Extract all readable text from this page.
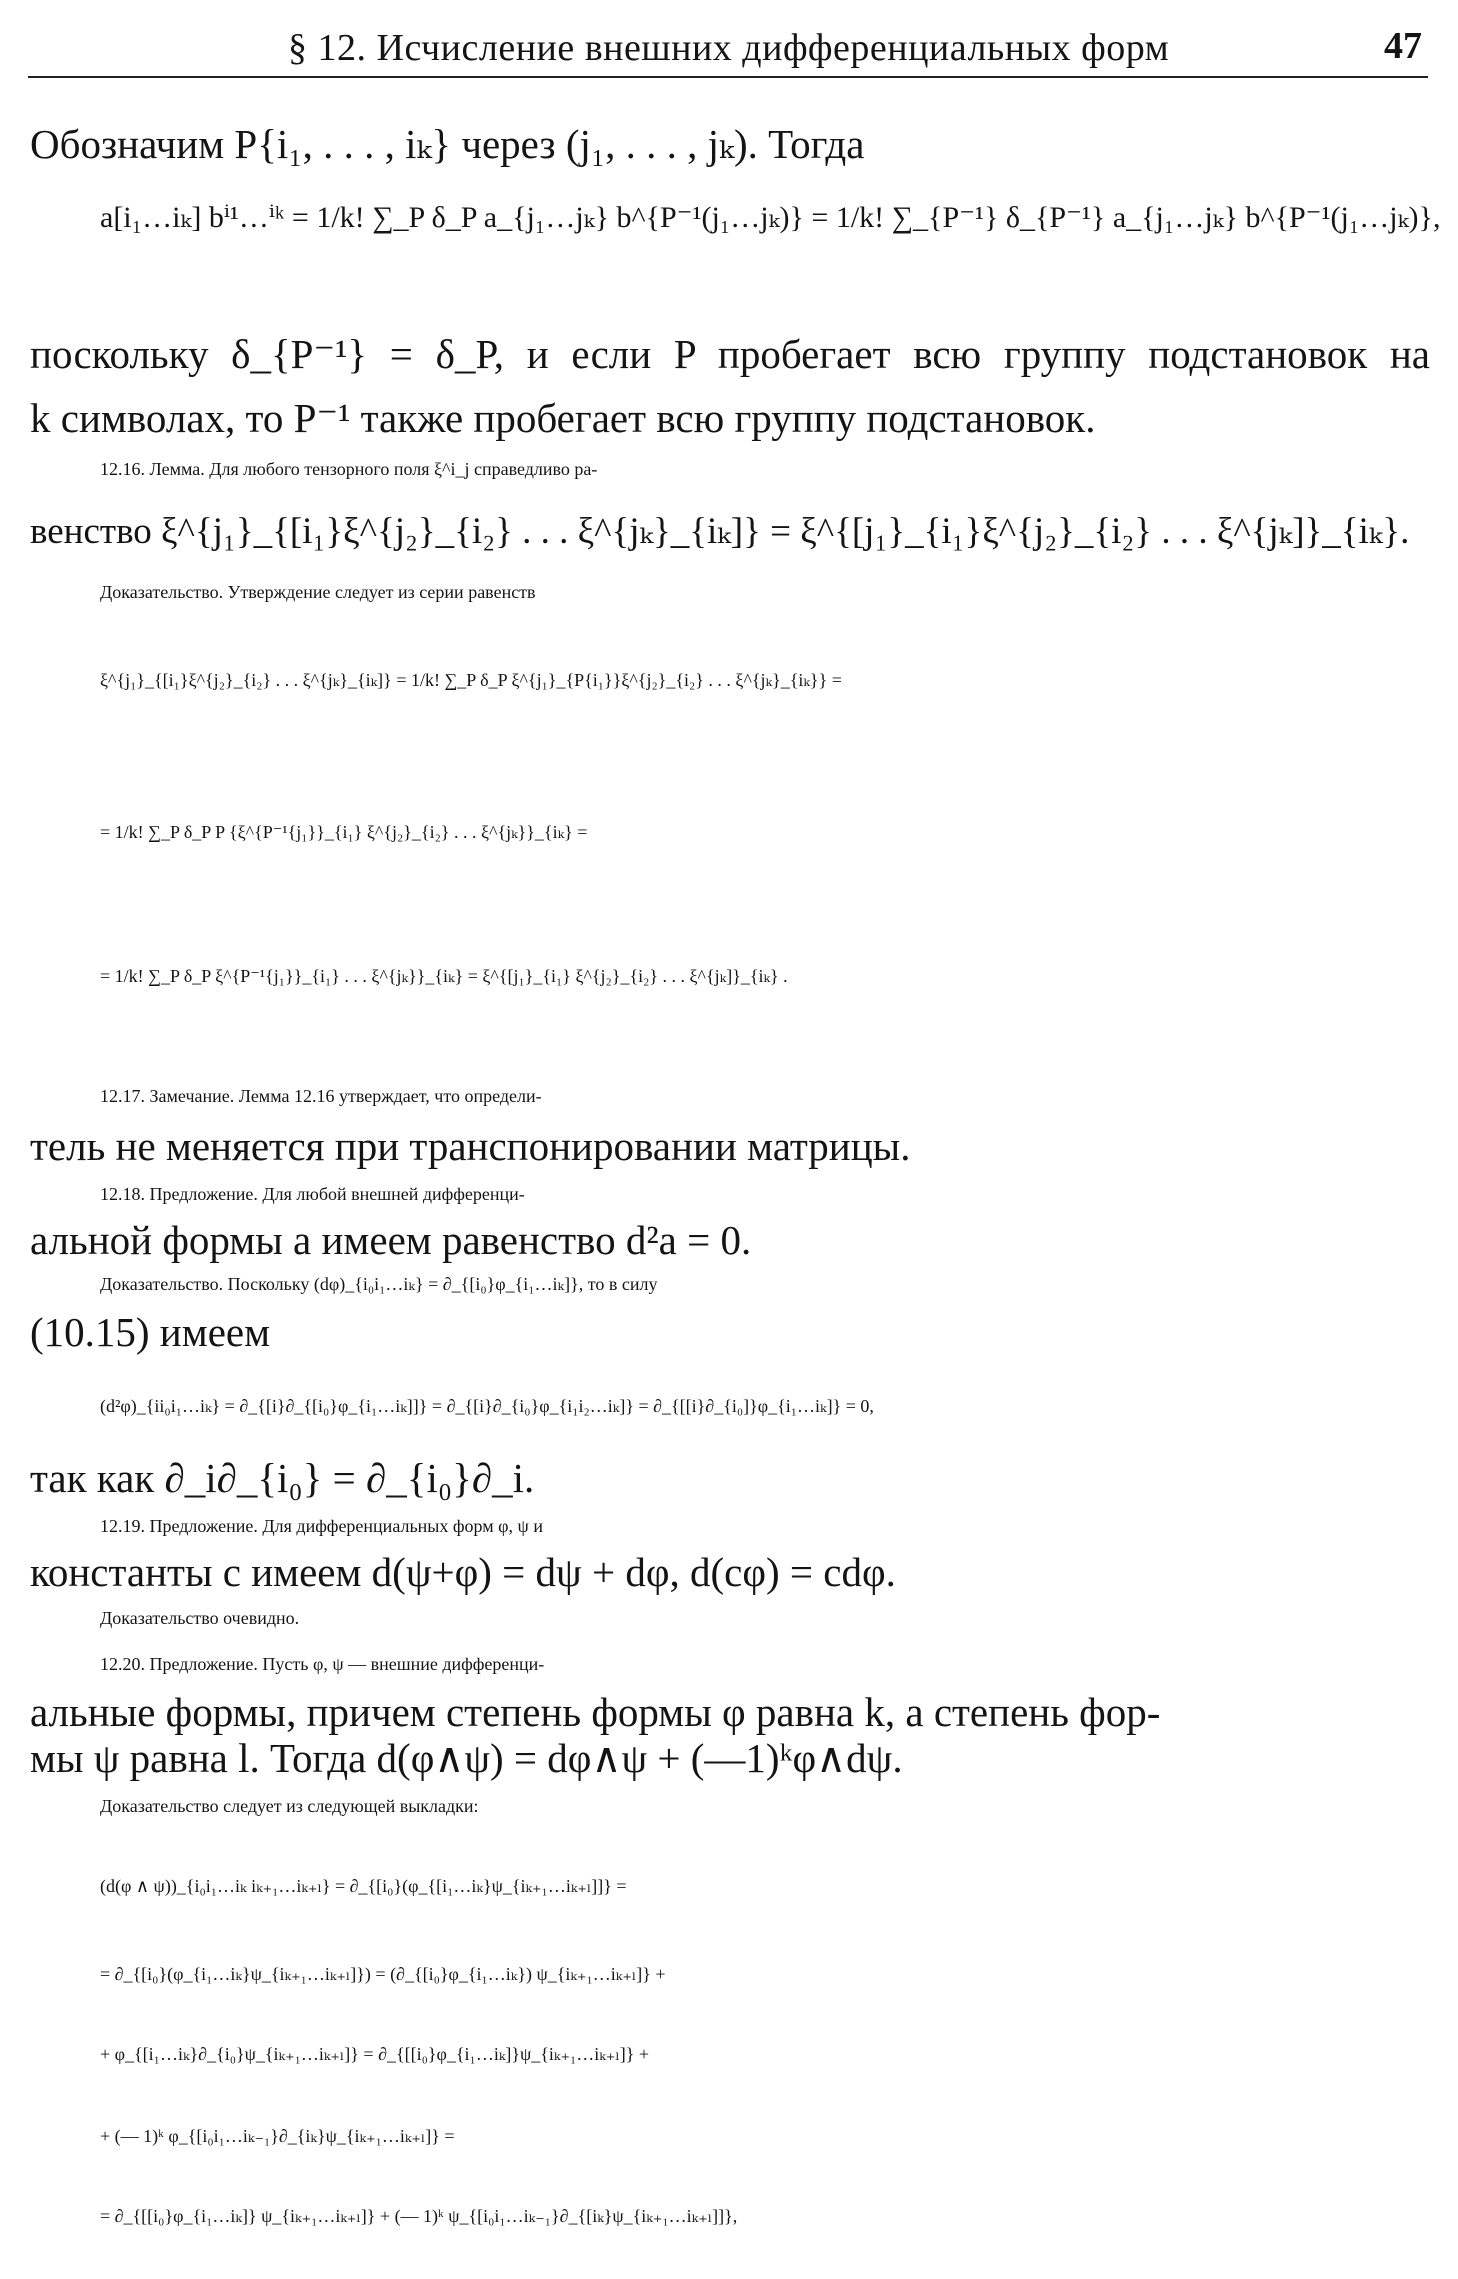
§ 12. Исчисление внешних дифференциальных форм	47
Обозначим P{i₁, . . . , iₖ} через (j₁, . . . , jₖ). Тогда
a[i₁…iₖ] bⁱ¹…ⁱᵏ = 1/k! ∑_P δ_P a_{j₁…jₖ} b^{P⁻¹(j₁…jₖ)} = 1/k! ∑_{P⁻¹} δ_{P⁻¹} a_{j₁…jₖ} b^{P⁻¹(j₁…jₖ)},
поскольку δ_{P⁻¹} = δ_P, и если P пробегает всю группу подстановок на
k символах, то P⁻¹ также пробегает всю группу подстановок.
12.16. Лемма. Для любого тензорного поля ξ^i_j справедливо ра-
венство ξ^{j₁}_{[i₁}ξ^{j₂}_{i₂} . . . ξ^{jₖ}_{iₖ]} = ξ^{[j₁}_{i₁}ξ^{j₂}_{i₂} . . . ξ^{jₖ]}_{iₖ}.
Доказательство. Утверждение следует из серии равенств
ξ^{j₁}_{[i₁}ξ^{j₂}_{i₂} . . . ξ^{jₖ}_{iₖ]} = 1/k! ∑_P δ_P ξ^{j₁}_{P{i₁}}ξ^{j₂}_{i₂} . . . ξ^{jₖ}_{iₖ}} =
= 1/k! ∑_P δ_P P {ξ^{P⁻¹{j₁}}_{i₁} ξ^{j₂}_{i₂} . . . ξ^{jₖ}}_{iₖ} =
= 1/k! ∑_P δ_P ξ^{P⁻¹{j₁}}_{i₁} . . . ξ^{jₖ}}_{iₖ} = ξ^{[j₁}_{i₁} ξ^{j₂}_{i₂} . . . ξ^{jₖ]}_{iₖ} .
12.17. Замечание. Лемма 12.16 утверждает, что определи-
тель не меняется при транспонировании матрицы.
12.18. Предложение. Для любой внешней дифференци-
альной формы a имеем равенство d²a = 0.
Доказательство. Поскольку (dφ)_{i₀i₁…iₖ} = ∂_{[i₀}φ_{i₁…iₖ]}, то в силу
(10.15) имеем
(d²φ)_{ii₀i₁…iₖ} = ∂_{[i}∂_{[i₀}φ_{i₁…iₖ]]} = ∂_{[i}∂_{i₀}φ_{i₁i₂…iₖ]} = ∂_{[[i}∂_{i₀]}φ_{i₁…iₖ]} = 0,
так как ∂_i∂_{i₀} = ∂_{i₀}∂_i.
12.19. Предложение. Для дифференциальных форм φ, ψ и
константы c имеем d(ψ+φ) = dψ + dφ, d(cφ) = cdφ.
Доказательство очевидно.
12.20. Предложение. Пусть φ, ψ — внешние дифференци-
альные формы, причем степень формы φ равна k, а степень фор-
мы ψ равна l. Тогда d(φ∧ψ) = dφ∧ψ + (—1)ᵏφ∧dψ.
Доказательство следует из следующей выкладки:
(d(φ ∧ ψ))_{i₀i₁…iₖ iₖ₊₁…iₖ₊ₗ} = ∂_{[i₀}(φ_{[i₁…iₖ}ψ_{iₖ₊₁…iₖ₊ₗ]]} =
= ∂_{[i₀}(φ_{i₁…iₖ}ψ_{iₖ₊₁…iₖ₊ₗ]}) = (∂_{[i₀}φ_{i₁…iₖ}) ψ_{iₖ₊₁…iₖ₊ₗ]} +
+ φ_{[i₁…iₖ}∂_{i₀}ψ_{iₖ₊₁…iₖ₊ₗ]} = ∂_{[[i₀}φ_{i₁…iₖ]}ψ_{iₖ₊₁…iₖ₊ₗ]} +
+ (— 1)ᵏ φ_{[i₀i₁…iₖ₋₁}∂_{iₖ}ψ_{iₖ₊₁…iₖ₊ₗ]} =
= ∂_{[[i₀}φ_{i₁…iₖ]} ψ_{iₖ₊₁…iₖ₊ₗ]} + (— 1)ᵏ ψ_{[i₀i₁…iₖ₋₁}∂_{[iₖ}ψ_{iₖ₊₁…iₖ₊ₗ]]},
